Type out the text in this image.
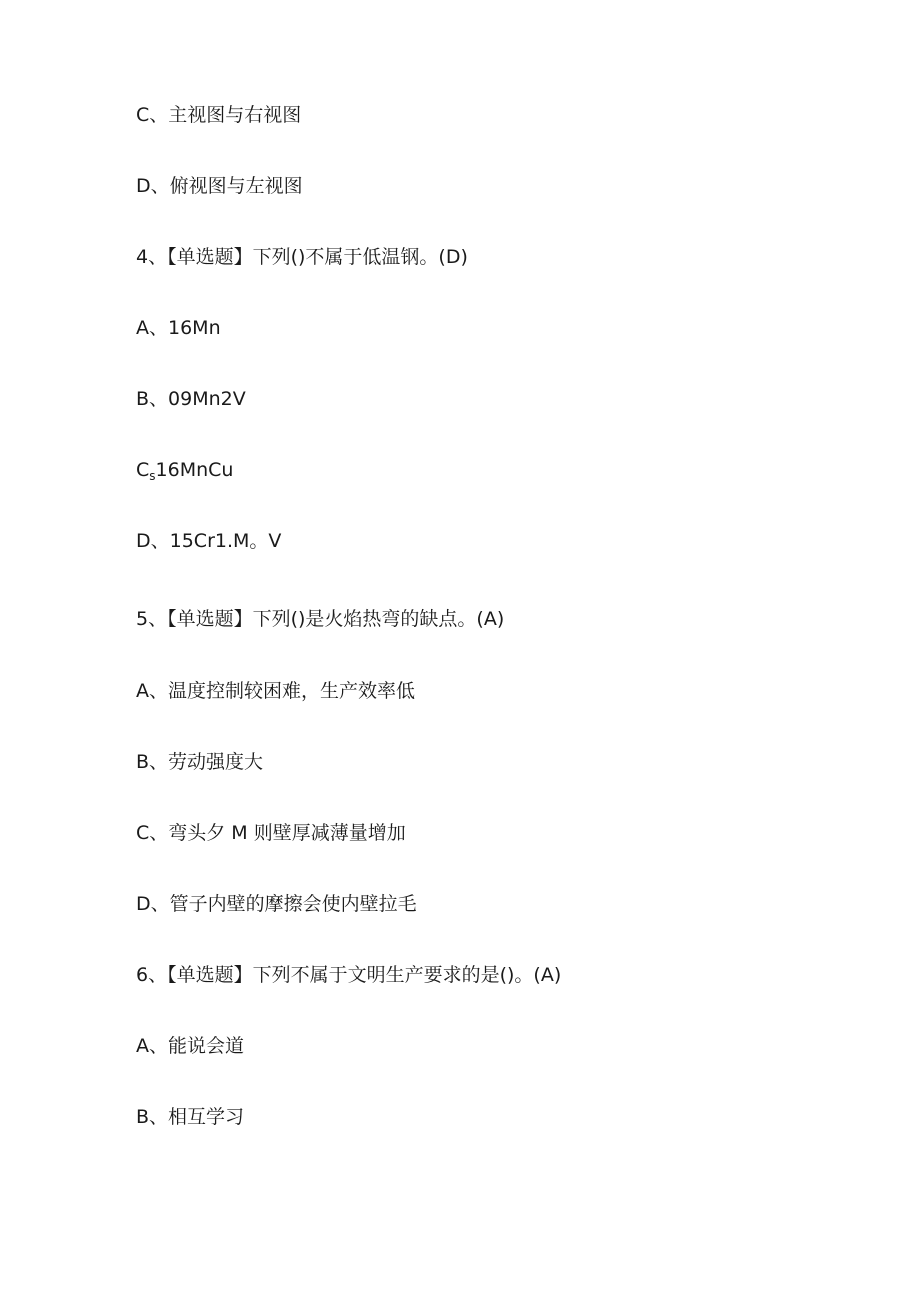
C、主视图与右视图
D、俯视图与左视图
4、【单选题】下列()不属于低温钢。(D)
A、16Mn
B、09Mn2V
$C_s16MnCu$
D、15Cr1.M。V
5、【单选题】下列()是火焰热弯的缺点。(A)
A、温度控制较困难，生产效率低
B、劳动强度大
C、弯头夕 M 则壁厚减薄量增加
D、管子内壁的摩擦会使内壁拉毛
6、【单选题】下列不属于文明生产要求的是()。(A)
A、能说会道
B、相互学习
